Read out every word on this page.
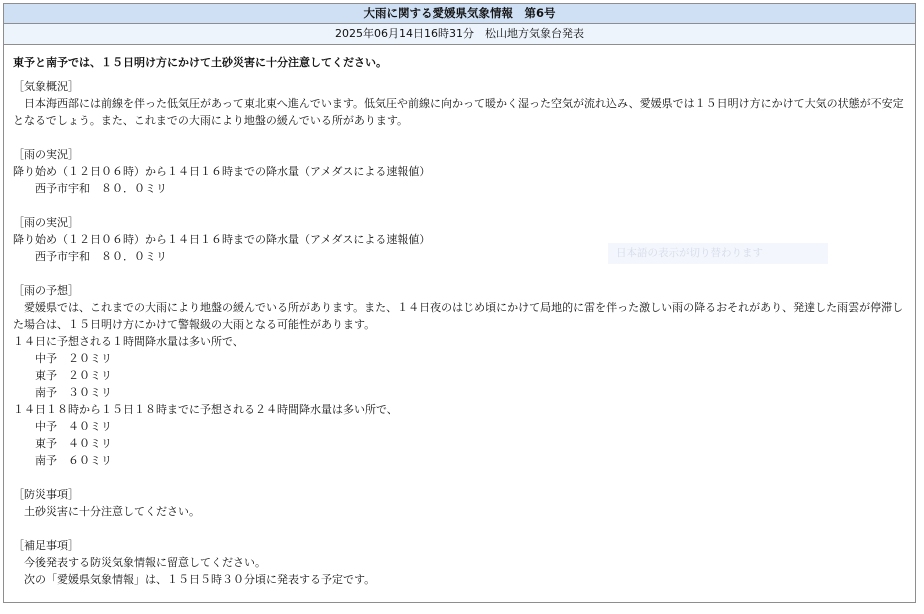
大雨に関する愛媛県気象情報　第6号
2025年06月14日16時31分　松山地方気象台発表
東予と南予では、１５日明け方にかけて土砂災害に十分注意してください。
［気象概況］
　日本海西部には前線を伴った低気圧があって東北東へ進んでいます。低気圧や前線に向かって暖かく湿った空気が流れ込み、愛媛県では１５日明け方にかけて大気の状態が不安定となるでしょう。また、これまでの大雨により地盤の緩んでいる所があります。
［雨の実況］
降り始め（１２日０６時）から１４日１６時までの降水量（アメダスによる速報値）
　　西予市宇和　８０．０ミリ
［雨の実況］
降り始め（１２日０６時）から１４日１６時までの降水量（アメダスによる速報値）
　　西予市宇和　８０．０ミリ
［雨の予想］
　愛媛県では、これまでの大雨により地盤の緩んでいる所があります。また、１４日夜のはじめ頃にかけて局地的に雷を伴った激しい雨の降るおそれがあり、発達した雨雲が停滞した場合は、１５日明け方にかけて警報級の大雨となる可能性があります。
１４日に予想される１時間降水量は多い所で、
　　中予　２０ミリ
　　東予　２０ミリ
　　南予　３０ミリ
１４日１８時から１５日１８時までに予想される２４時間降水量は多い所で、
　　中予　４０ミリ
　　東予　４０ミリ
　　南予　６０ミリ
［防災事項］
　土砂災害に十分注意してください。
［補足事項］
　今後発表する防災気象情報に留意してください。
　次の「愛媛県気象情報」は、１５日５時３０分頃に発表する予定です。
日本語の表示が切り替わります
